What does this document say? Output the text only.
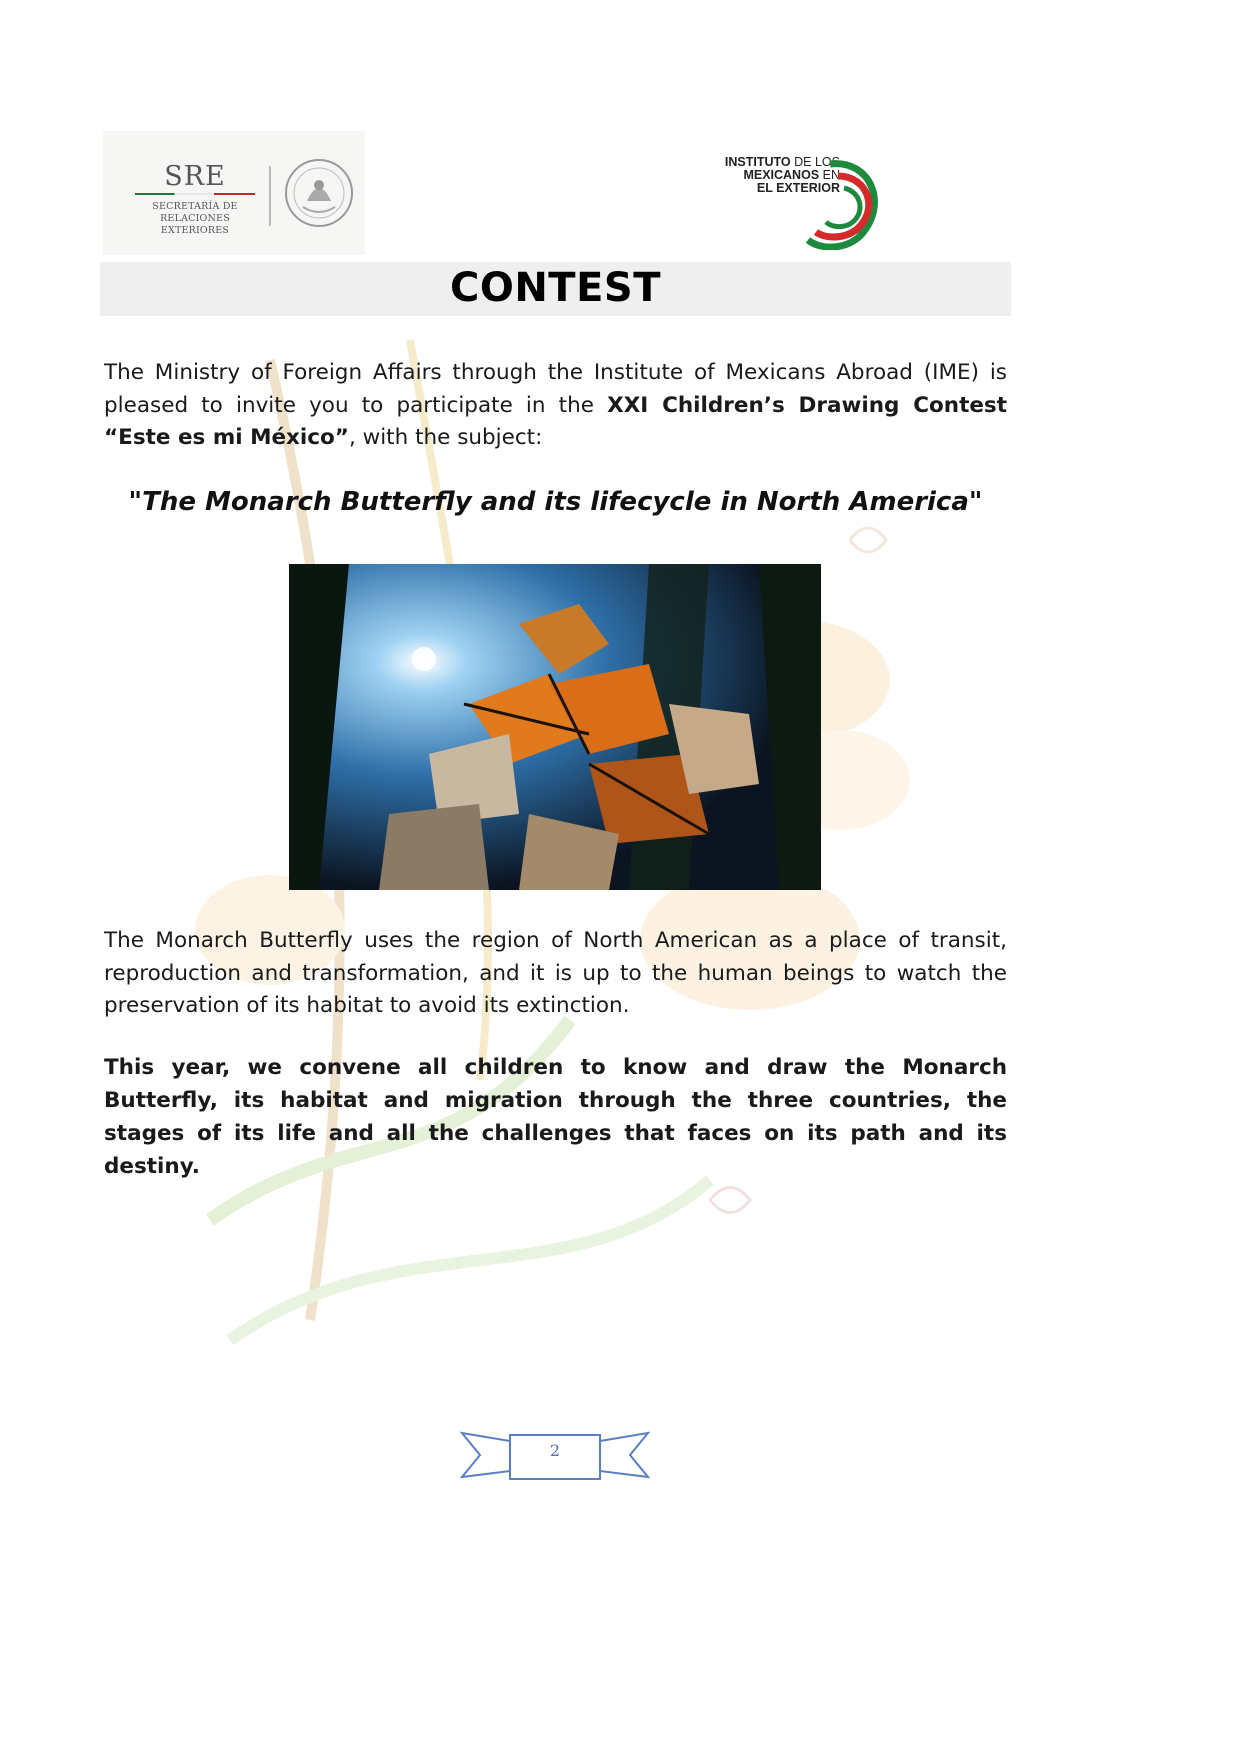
SRE
SECRETARÍA DE
RELACIONES EXTERIORES
INSTITUTO DE LOS
MEXICANOS EN
EL EXTERIOR
CONTEST
The Ministry of Foreign Affairs through the Institute of Mexicans Abroad (IME) is pleased to invite you to participate in the XXI Children’s Drawing Contest “Este es mi México”, with the subject:
"The Monarch Butterfly and its lifecycle in North America"
The Monarch Butterfly uses the region of North American as a place of transit, reproduction and transformation, and it is up to the human beings to watch the preservation of its habitat to avoid its extinction.
This year, we convene all children to know and draw the Monarch Butterfly, its habitat and migration through the three countries, the stages of its life and all the challenges that faces on its path and its destiny.
2
